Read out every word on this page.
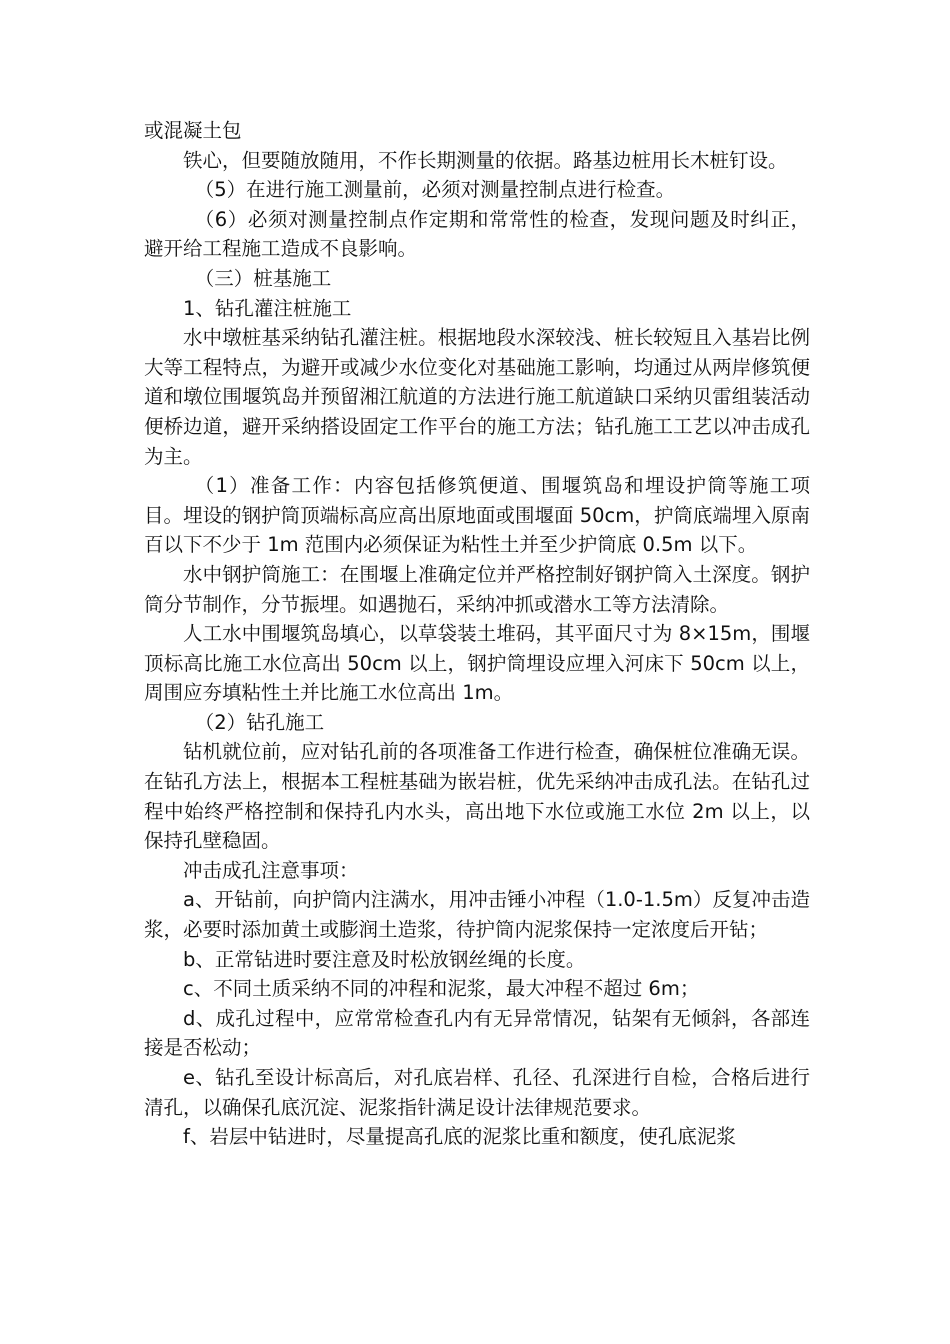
或混凝土包

铁心，但要随放随用，不作长期测量的依据。路基边桩用长木桩钉设。

（5）在进行施工测量前，必须对测量控制点进行检查。

（6）必须对测量控制点作定期和常常性的检查，发现问题及时纠正，避开给工程施工造成不良影响。

（三）桩基施工

1、钻孔灌注桩施工

水中墩桩基采纳钻孔灌注桩。根据地段水深较浅、桩长较短且入基岩比例大等工程特点，为避开或减少水位变化对基础施工影响，均通过从两岸修筑便道和墩位围堰筑岛并预留湘江航道的方法进行施工航道缺口采纳贝雷组装活动便桥边道，避开采纳搭设固定工作平台的施工方法；钻孔施工工艺以冲击成孔为主。

（1）准备工作：内容包括修筑便道、围堰筑岛和埋设护筒等施工项目。埋设的钢护筒顶端标高应高出原地面或围堰面 50cm，护筒底端埋入原南百以下不少于 1m 范围内必须保证为粘性土并至少护筒底 0.5m 以下。

水中钢护筒施工：在围堰上准确定位并严格控制好钢护筒入土深度。钢护筒分节制作，分节振埋。如遇抛石，采纳冲抓或潜水工等方法清除。

人工水中围堰筑岛填心，以草袋装土堆码，其平面尺寸为 8×15m，围堰顶标高比施工水位高出 50cm 以上，钢护筒埋设应埋入河床下 50cm 以上，周围应夯填粘性土并比施工水位高出 1m。

（2）钻孔施工

钻机就位前，应对钻孔前的各项准备工作进行检查，确保桩位准确无误。在钻孔方法上，根据本工程桩基础为嵌岩桩，优先采纳冲击成孔法。在钻孔过程中始终严格控制和保持孔内水头，高出地下水位或施工水位 2m 以上，以保持孔壁稳固。

冲击成孔注意事项：

a、开钻前，向护筒内注满水，用冲击锤小冲程（1.0-1.5m）反复冲击造浆，必要时添加黄土或膨润土造浆，待护筒内泥浆保持一定浓度后开钻；

b、正常钻进时要注意及时松放钢丝绳的长度。

c、不同土质采纳不同的冲程和泥浆，最大冲程不超过 6m；

d、成孔过程中，应常常检查孔内有无异常情况，钻架有无倾斜，各部连接是否松动；

e、钻孔至设计标高后，对孔底岩样、孔径、孔深进行自检，合格后进行清孔，以确保孔底沉淀、泥浆指针满足设计法律规范要求。

f、岩层中钻进时，尽量提高孔底的泥浆比重和额度，使孔底泥浆
